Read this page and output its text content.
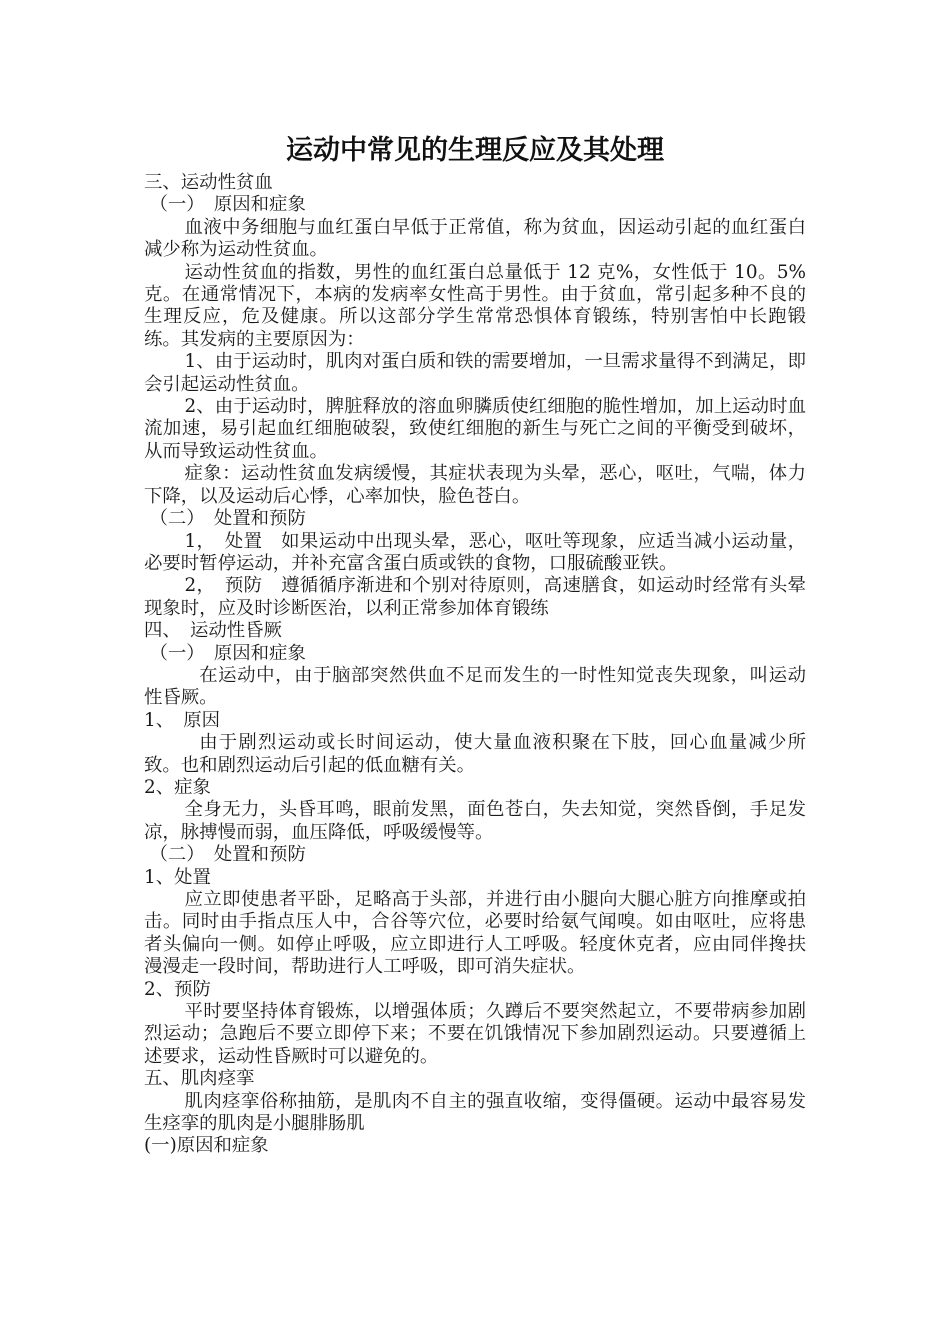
运动中常见的生理反应及其处理

三、运动性贫血

（一）　原因和症象

血液中务细胞与血红蛋白早低于正常值，称为贫血，因运动引起的血红蛋白减少称为运动性贫血。

运动性贫血的指数，男性的血红蛋白总量低于 12 克%，女性低于 10。5%克。在通常情况下，本病的发病率女性高于男性。由于贫血，常引起多种不良的生理反应，危及健康。所以这部分学生常常恐惧体育锻练，特别害怕中长跑锻练。其发病的主要原因为：

1、由于运动时，肌肉对蛋白质和铁的需要增加，一旦需求量得不到满足，即会引起运动性贫血。

2、由于运动时，脾脏释放的溶血卵膦质使红细胞的脆性增加，加上运动时血流加速，易引起血红细胞破裂，致使红细胞的新生与死亡之间的平衡受到破坏，从而导致运动性贫血。

症象：运动性贫血发病缓慢，其症状表现为头晕，恶心，呕吐，气喘，体力下降，以及运动后心悸，心率加快，脸色苍白。

（二）　处置和预防

1，　处置　如果运动中出现头晕，恶心，呕吐等现象，应适当减小运动量，必要时暂停运动，并补充富含蛋白质或铁的食物，口服硫酸亚铁。

2，　预防　遵循循序渐进和个别对待原则，高速膳食，如运动时经常有头晕现象时，应及时诊断医治，以利正常参加体育锻练

四、　运动性昏厥

（一）　原因和症象

在运动中，由于脑部突然供血不足而发生的一时性知觉丧失现象，叫运动性昏厥。

1、　原因

由于剧烈运动或长时间运动，使大量血液积聚在下肢，回心血量减少所致。也和剧烈运动后引起的低血糖有关。

2、症象

全身无力，头昏耳鸣，眼前发黑，面色苍白，失去知觉，突然昏倒，手足发凉，脉搏慢而弱，血压降低，呼吸缓慢等。

（二）　处置和预防

1、处置

应立即使患者平卧，足略高于头部，并进行由小腿向大腿心脏方向推摩或拍击。同时由手指点压人中，合谷等穴位，必要时给氨气闻嗅。如由呕吐，应将患者头偏向一侧。如停止呼吸，应立即进行人工呼吸。轻度休克者，应由同伴搀扶漫漫走一段时间，帮助进行人工呼吸，即可消失症状。

2、预防

平时要坚持体育锻炼，以增强体质；久蹲后不要突然起立，不要带病参加剧烈运动；急跑后不要立即停下来；不要在饥饿情况下参加剧烈运动。只要遵循上述要求，运动性昏厥时可以避免的。

五、肌肉痉挛

肌肉痉挛俗称抽筋，是肌肉不自主的强直收缩，变得僵硬。运动中最容易发生痉挛的肌肉是小腿腓肠肌

(一)原因和症象
